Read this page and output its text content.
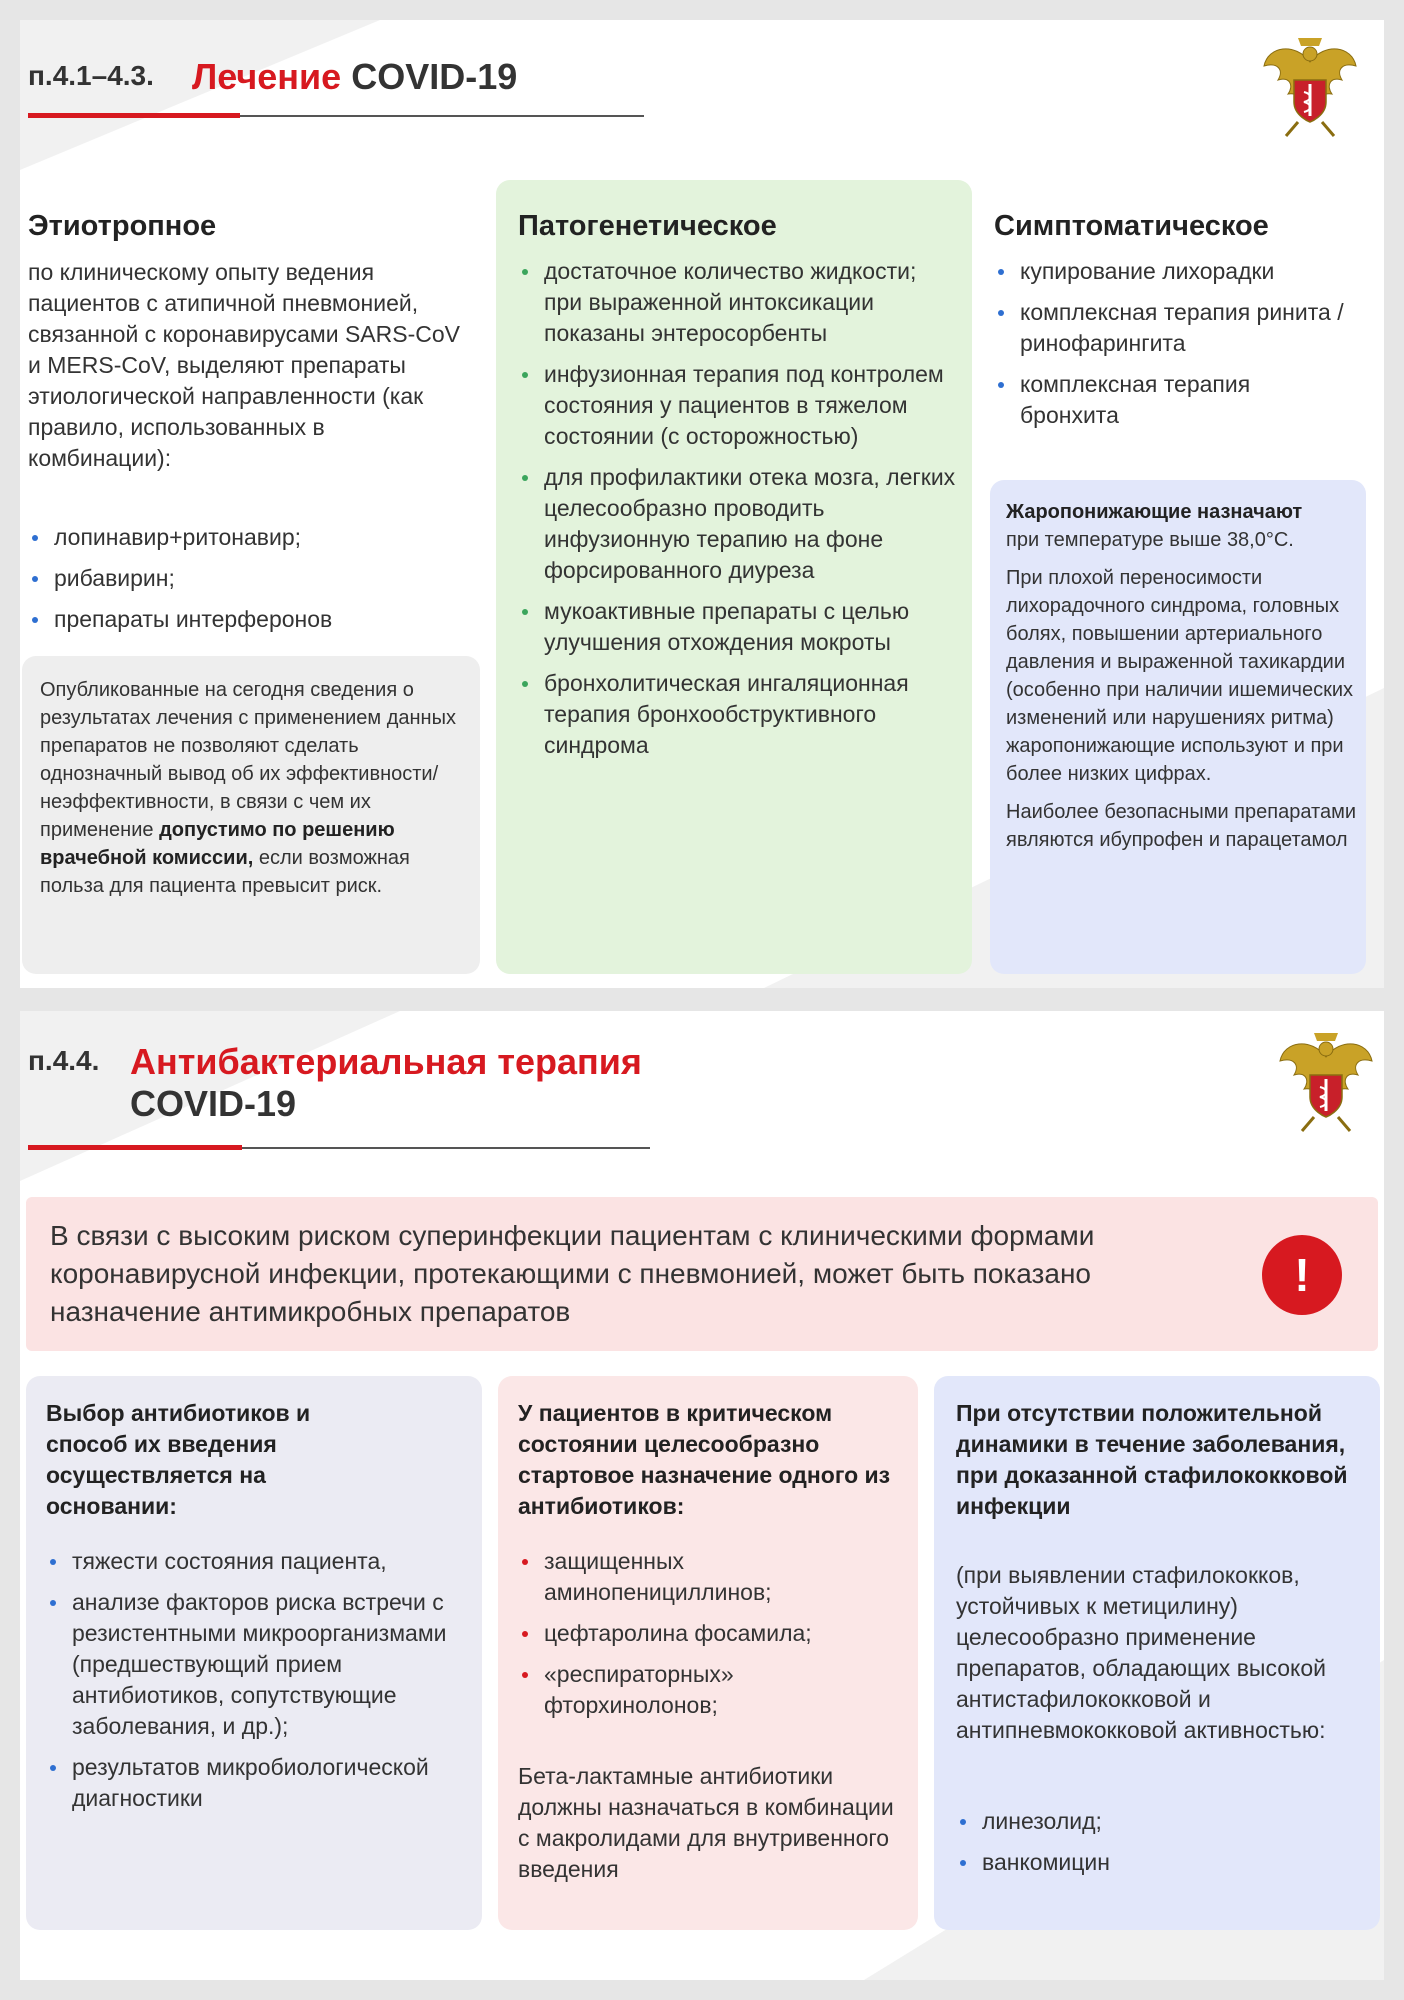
п.4.1–4.3. Лечение COVID-19
Этиотропное
по клиническому опыту ведения пациентов с атипичной пневмонией, связанной с коронавирусами SARS-CoV и MERS-CoV, выделяют препараты этиологической направленности (как правило, использованных в комбинации):
лопинавир+ритонавир;
рибавирин;
препараты интерферонов
Опубликованные на сегодня сведения о результатах лечения с применением данных препаратов не позволяют сделать однозначный вывод об их эффективности/неэффективности, в связи с чем их применение допустимо по решению врачебной комиссии, если возможная польза для пациента превысит риск.
Патогенетическое
достаточное количество жидкости; при выраженной интоксикации показаны энтеросорбенты
инфузионная терапия под контролем состояния у пациентов в тяжелом состоянии (с осторожностью)
для профилактики отека мозга, легких целесообразно проводить инфузионную терапию на фоне форсированного диуреза
мукоактивные препараты с целью улучшения отхождения мокроты
бронхолитическая ингаляционная терапия бронхообструктивного синдрома
Симптоматическое
купирование лихорадки
комплексная терапия ринита / ринофарингита
комплексная терапия бронхита

Жаропонижающие назначают
при температуре выше 38,0°C.

При плохой переносимости лихорадочного синдрома, головных болях, повышении артериального давления и выраженной тахикардии (особенно при наличии ишемических изменений или нарушениях ритма) жаропонижающие используют и при более низких цифрах.

Наиболее безопасными препаратами являются ибупрофен и парацетамол

п.4.4. Антибактериальная терапия
COVID-19
В связи с высоким риском суперинфекции пациентам с клиническими формами коронавирусной инфекции, протекающими с пневмонией, может быть показано назначение антимикробных препаратов
!
Выбор антибиотиков и способ их введения осуществляется на основании:
тяжести состояния пациента,
анализе факторов риска встречи с резистентными микроорганизмами (предшествующий прием антибиотиков, сопутствующие заболевания, и др.);
результатов микробиологической диагностики
У пациентов в критическом состоянии целесообразно стартовое назначение одного из антибиотиков:
защищенных аминопенициллинов;
цефтаролина фосамила;
«респираторных» фторхинолонов;
Бета-лактамные антибиотики должны назначаться в комбинации с макролидами для внутривенного введения
При отсутствии положительной динамики в течение заболевания, при доказанной стафилококковой инфекции
(при выявлении стафилококков, устойчивых к метицилину) целесообразно применение препаратов, обладающих высокой антистафилококковой и антипневмококковой активностью:
линезолид;
ванкомицин
